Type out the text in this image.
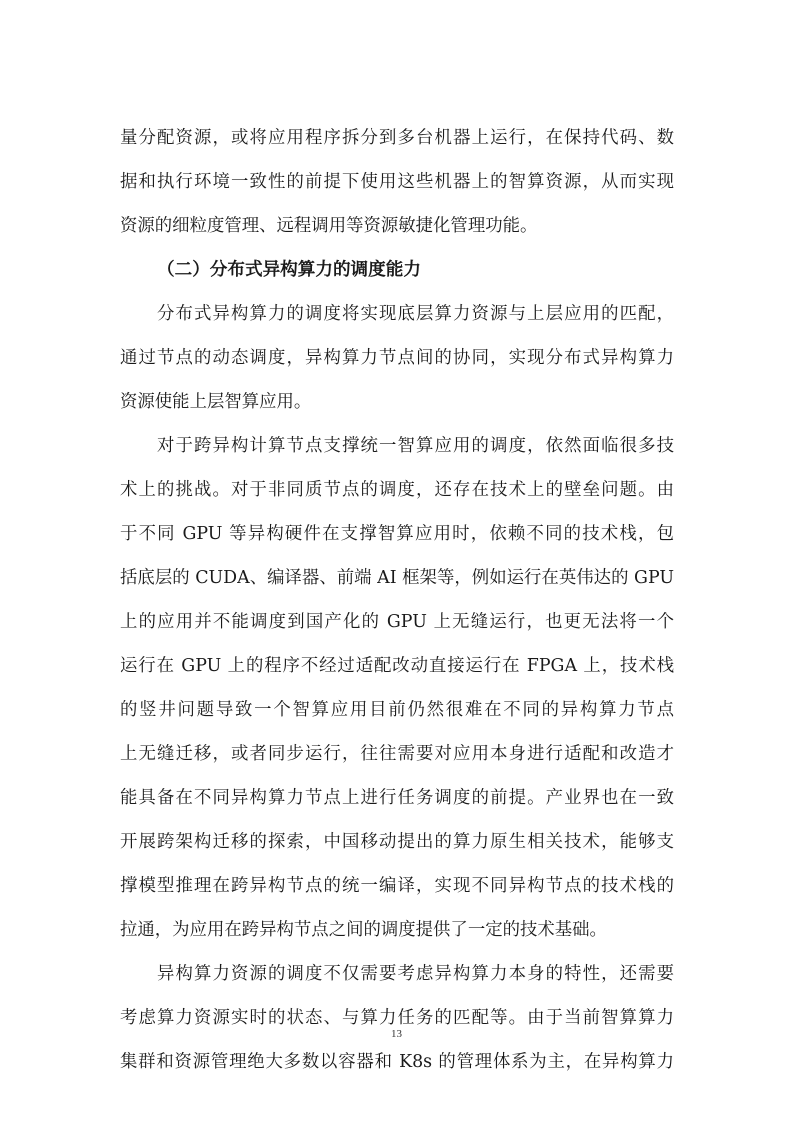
量分配资源，或将应用程序拆分到多台机器上运行，在保持代码、数
据和执行环境一致性的前提下使用这些机器上的智算资源，从而实现
资源的细粒度管理、远程调用等资源敏捷化管理功能。
（二）分布式异构算力的调度能力
分布式异构算力的调度将实现底层算力资源与上层应用的匹配，
通过节点的动态调度，异构算力节点间的协同，实现分布式异构算力
资源使能上层智算应用。
对于跨异构计算节点支撑统一智算应用的调度，依然面临很多技
术上的挑战。对于非同质节点的调度，还存在技术上的壁垒问题。由
于不同 GPU 等异构硬件在支撑智算应用时，依赖不同的技术栈，包
括底层的 CUDA、编译器、前端 AI 框架等，例如运行在英伟达的 GPU
上的应用并不能调度到国产化的 GPU 上无缝运行，也更无法将一个
运行在 GPU 上的程序不经过适配改动直接运行在 FPGA 上，技术栈
的竖井问题导致一个智算应用目前仍然很难在不同的异构算力节点
上无缝迁移，或者同步运行，往往需要对应用本身进行适配和改造才
能具备在不同异构算力节点上进行任务调度的前提。产业界也在一致
开展跨架构迁移的探索，中国移动提出的算力原生相关技术，能够支
撑模型推理在跨异构节点的统一编译，实现不同异构节点的技术栈的
拉通，为应用在跨异构节点之间的调度提供了一定的技术基础。
异构算力资源的调度不仅需要考虑异构算力本身的特性，还需要
考虑算力资源实时的状态、与算力任务的匹配等。由于当前智算算力
集群和资源管理绝大多数以容器和 K8s 的管理体系为主，在异构算力
13
